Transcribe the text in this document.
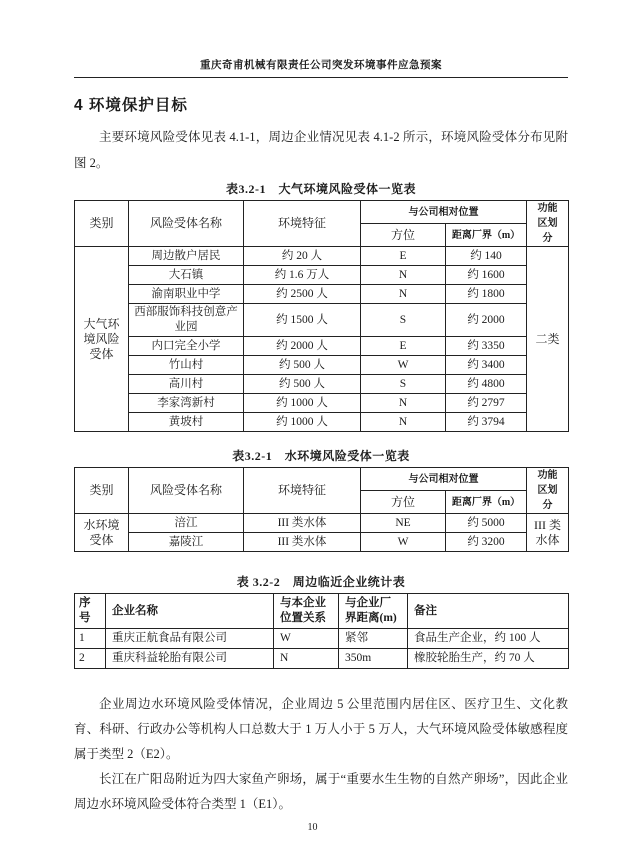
重庆奇甫机械有限责任公司突发环境事件应急预案
4 环境保护目标

主要环境风险受体见表 4.1-1，周边企业情况见表 4.1-2 所示，环境风险受体分布见附图 2。

表3.2-1　大气环境风险受体一览表
类别	风险受体名称	环境特征	与公司相对位置		功能区划分
			方位	距离厂界（m）	
大气环境风险受体	周边散户居民	约 20 人	E	约 140	二类
	大石镇	约 1.6 万人	N	约 1600	
	渝南职业中学	约 2500 人	N	约 1800	
	西部服饰科技创意产业园	约 1500 人	S	约 2000	
	内口完全小学	约 2000 人	E	约 3350	
	竹山村	约 500 人	W	约 3400	
	高川村	约 500 人	S	约 4800	
	李家湾新村	约 1000 人	N	约 2797	
	黄坡村	约 1000 人	N	约 3794	
表3.2-1　水环境风险受体一览表
类别	风险受体名称	环境特征	与公司相对位置		功能区划分
			方位	距离厂界（m）	
水环境受体	涪江	III 类水体	NE	约 5000	III 类水体
	嘉陵江	III 类水体	W	约 3200	
表 3.2-2　周边临近企业统计表
序号	企业名称	与本企业位置关系	与企业厂界距离(m)	备注
1	重庆正航食品有限公司	W	紧邻	食品生产企业，约 100 人
2	重庆科益轮胎有限公司	N	350m	橡胶轮胎生产，约 70 人

企业周边水环境风险受体情况，企业周边 5 公里范围内居住区、医疗卫生、文化教育、科研、行政办公等机构人口总数大于 1 万人小于 5 万人，大气环境风险受体敏感程度属于类型 2（E2）。

长江在广阳岛附近为四大家鱼产卵场，属于“重要水生生物的自然产卵场”，因此企业周边水环境风险受体符合类型 1（E1）。

10
